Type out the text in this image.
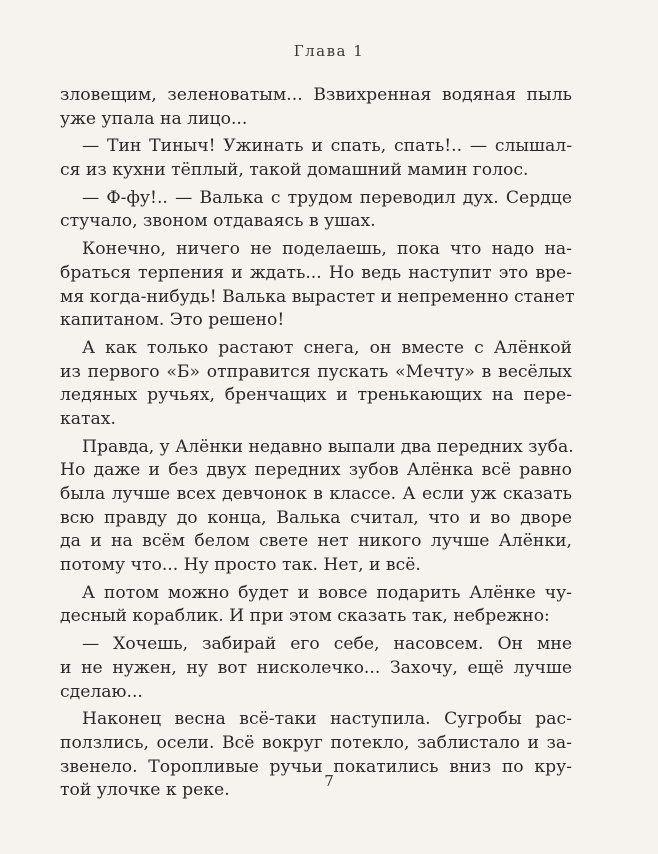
Глава 1
зловещим, зеленоватым... Взвихренная водяная пыль
уже упала на лицо...
— Тин Тиныч! Ужинать и спать, спать!.. — слышал-
ся из кухни тёплый, такой домашний мамин голос.
— Ф-фу!.. — Валька с трудом переводил дух. Сердце
стучало, звоном отдаваясь в ушах.
Конечно, ничего не поделаешь, пока что надо на-
браться терпения и ждать... Но ведь наступит это вре-
мя когда-нибудь! Валька вырастет и непременно станет
капитаном. Это решено!
А как только растают снега, он вместе с Алёнкой
из первого «Б» отправится пускать «Мечту» в весёлых
ледяных ручьях, бренчащих и тренькающих на пере-
катах.
Правда, у Алёнки недавно выпали два передних зуба.
Но даже и без двух передних зубов Алёнка всё равно
была лучше всех девчонок в классе. А если уж сказать
всю правду до конца, Валька считал, что и во дворе
да и на всём белом свете нет никого лучше Алёнки,
потому что... Ну просто так. Нет, и всё.
А потом можно будет и вовсе подарить Алёнке чу-
десный кораблик. И при этом сказать так, небрежно:
— Хочешь, забирай его себе, насовсем. Он мне
и не нужен, ну вот нисколечко... Захочу, ещё лучше
сделаю...
Наконец весна всё-таки наступила. Сугробы рас-
ползлись, осели. Всё вокруг потекло, заблистало и за-
звенело. Торопливые ручьи покатились вниз по кру-
той улочке к реке.	7
